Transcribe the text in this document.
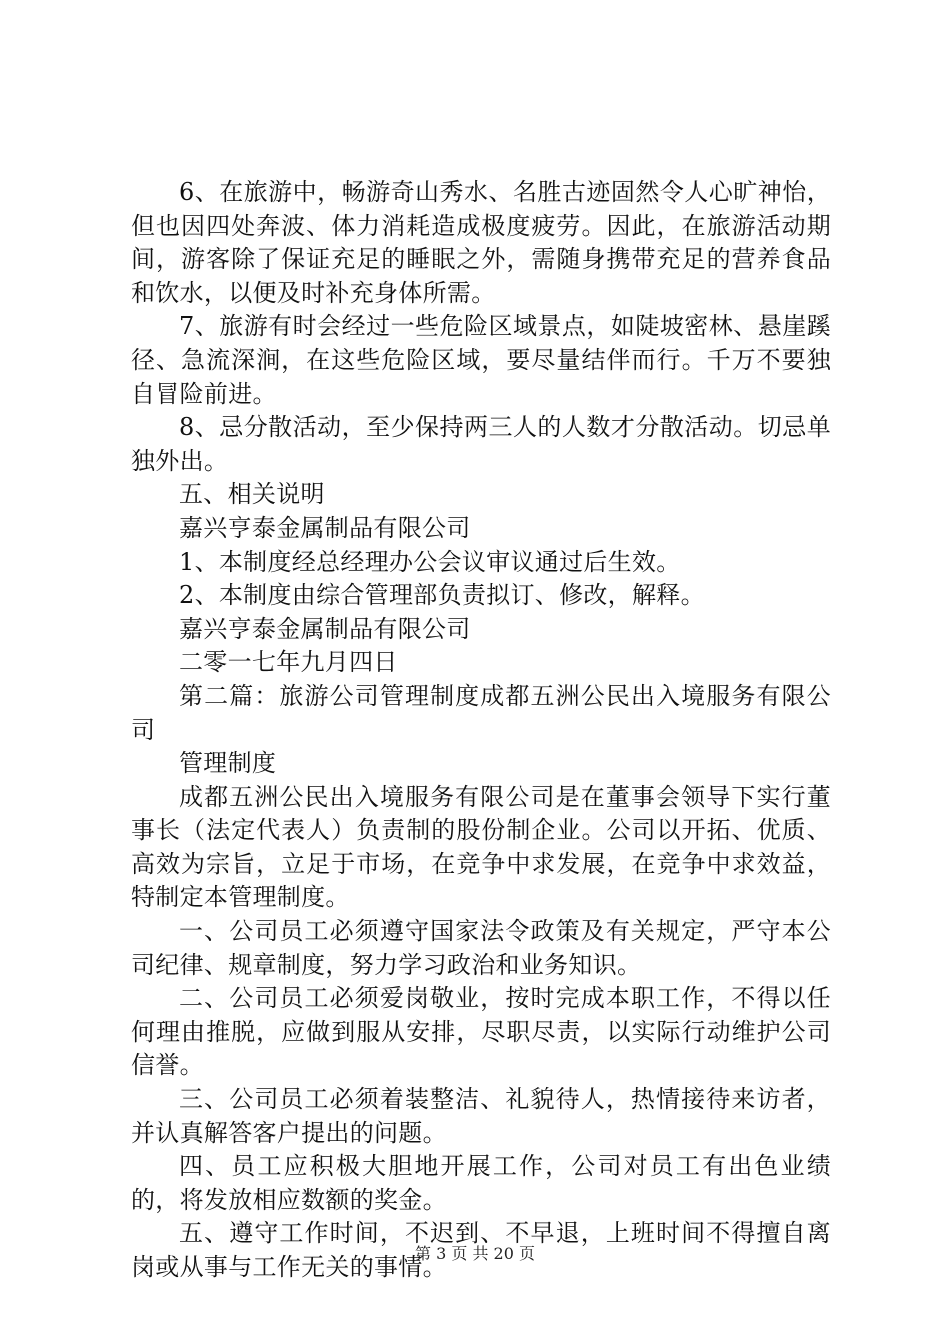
6、在旅游中，畅游奇山秀水、名胜古迹固然令人心旷神怡，但也因四处奔波、体力消耗造成极度疲劳。因此，在旅游活动期间，游客除了保证充足的睡眠之外，需随身携带充足的营养食品和饮水，以便及时补充身体所需。

7、旅游有时会经过一些危险区域景点，如陡坡密林、悬崖蹊径、急流深涧，在这些危险区域，要尽量结伴而行。千万不要独自冒险前进。

8、忌分散活动，至少保持两三人的人数才分散活动。切忌单独外出。

五、相关说明

嘉兴亨泰金属制品有限公司

1、本制度经总经理办公会议审议通过后生效。

2、本制度由综合管理部负责拟订、修改，解释。

嘉兴亨泰金属制品有限公司

二零一七年九月四日

第二篇：旅游公司管理制度成都五洲公民出入境服务有限公司

管理制度

成都五洲公民出入境服务有限公司是在董事会领导下实行董事长（法定代表人）负责制的股份制企业。公司以开拓、优质、高效为宗旨，立足于市场，在竞争中求发展，在竞争中求效益，特制定本管理制度。

一、公司员工必须遵守国家法令政策及有关规定，严守本公司纪律、规章制度，努力学习政治和业务知识。

二、公司员工必须爱岗敬业，按时完成本职工作，不得以任何理由推脱，应做到服从安排，尽职尽责，以实际行动维护公司信誉。

三、公司员工必须着装整洁、礼貌待人，热情接待来访者，并认真解答客户提出的问题。

四、员工应积极大胆地开展工作，公司对员工有出色业绩的，将发放相应数额的奖金。

五、遵守工作时间，不迟到、不早退，上班时间不得擅自离岗或从事与工作无关的事情。

第 3 页 共 20 页
